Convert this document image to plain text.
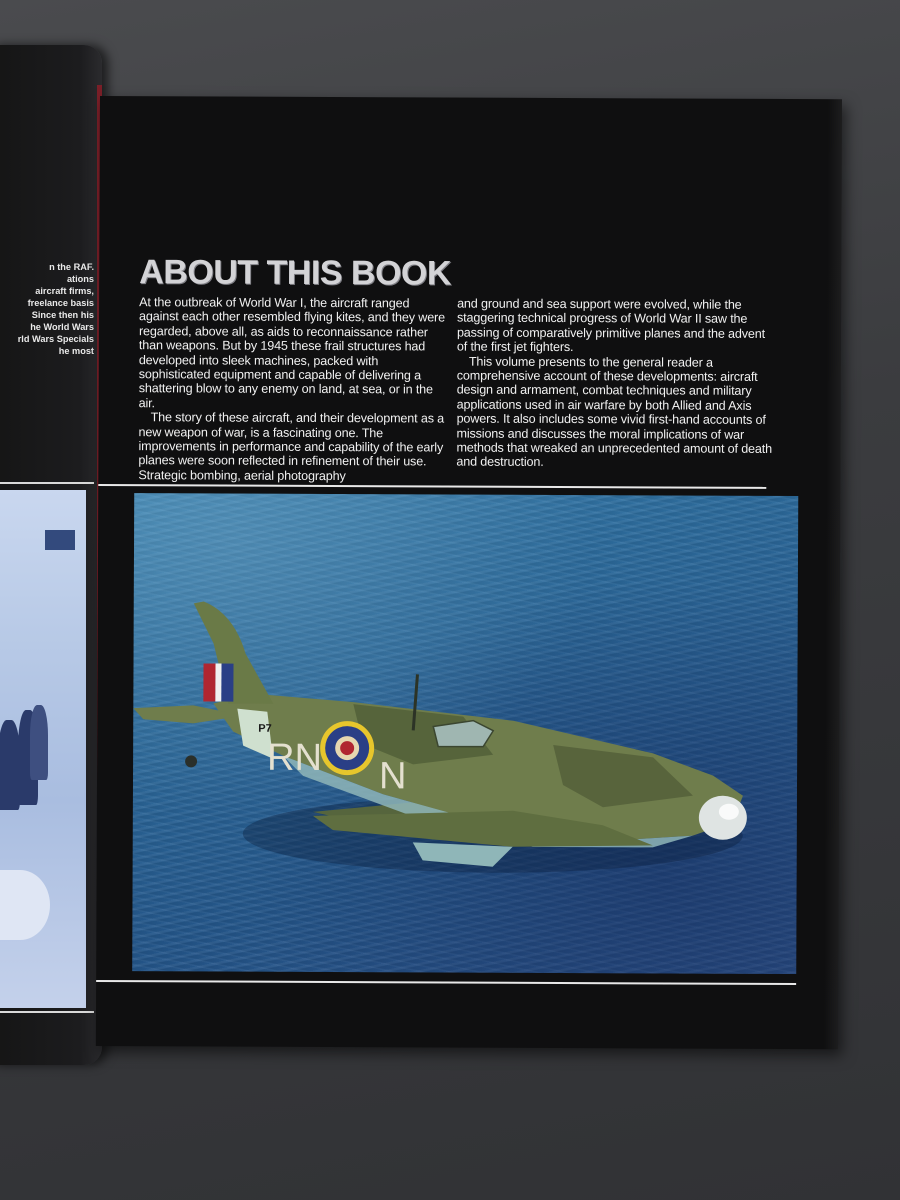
n the RAF.
ations
aircraft firms,
freelance basis
Since then his
he World Wars
rld Wars Specials
he most
ABOUT THIS BOOK

At the outbreak of World War I, the aircraft ranged against each other resembled flying kites, and they were regarded, above all, as aids to reconnaissance rather than weapons. But by 1945 these frail structures had developed into sleek machines, packed with sophisticated equipment and capable of delivering a shattering blow to any enemy on land, at sea, or in the air.

The story of these aircraft, and their development as a new weapon of war, is a fascinating one. The improvements in performance and capability of the early planes were soon reflected in refinement of their use. Strategic bombing, aerial photography

and ground and sea support were evolved, while the staggering technical progress of World War II saw the passing of comparatively primitive planes and the advent of the first jet fighters.

This volume presents to the general reader a comprehensive account of these developments: aircraft design and armament, combat techniques and military applications used in air warfare by both Allied and Axis powers. It also includes some vivid first-hand accounts of missions and discusses the moral implications of war methods that wreaked an unprecedented amount of death and destruction.

P7
RN N
